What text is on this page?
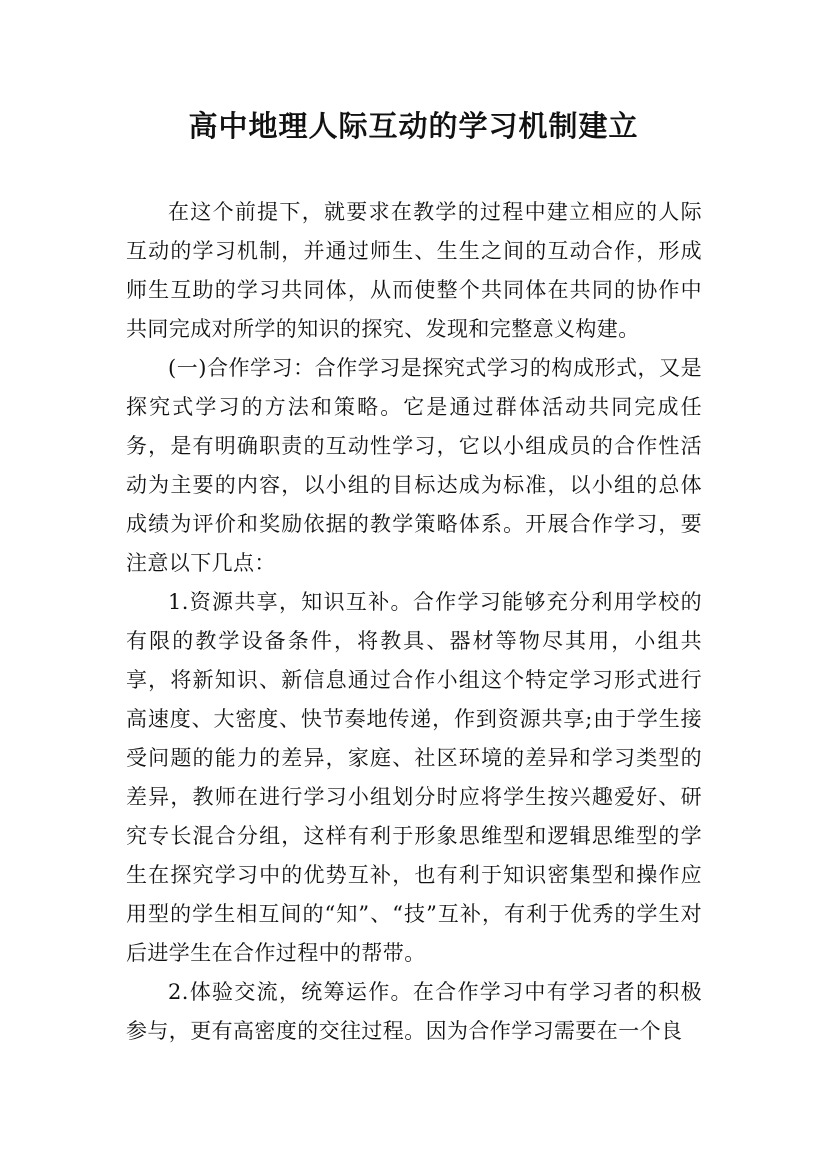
高中地理人际互动的学习机制建立

在这个前提下，就要求在教学的过程中建立相应的人际互动的学习机制，并通过师生、生生之间的互动合作，形成师生互助的学习共同体，从而使整个共同体在共同的协作中共同完成对所学的知识的探究、发现和完整意义构建。

(一)合作学习：合作学习是探究式学习的构成形式，又是探究式学习的方法和策略。它是通过群体活动共同完成任务，是有明确职责的互动性学习，它以小组成员的合作性活动为主要的内容，以小组的目标达成为标准，以小组的总体成绩为评价和奖励依据的教学策略体系。开展合作学习，要注意以下几点：

1.资源共享，知识互补。合作学习能够充分利用学校的有限的教学设备条件，将教具、器材等物尽其用，小组共享，将新知识、新信息通过合作小组这个特定学习形式进行高速度、大密度、快节奏地传递，作到资源共享;由于学生接受问题的能力的差异，家庭、社区环境的差异和学习类型的差异，教师在进行学习小组划分时应将学生按兴趣爱好、研究专长混合分组，这样有利于形象思维型和逻辑思维型的学生在探究学习中的优势互补，也有利于知识密集型和操作应用型的学生相互间的“知”、“技”互补，有利于优秀的学生对后进学生在合作过程中的帮带。

2.体验交流，统筹运作。在合作学习中有学习者的积极参与，更有高密度的交往过程。因为合作学习需要在一个良
